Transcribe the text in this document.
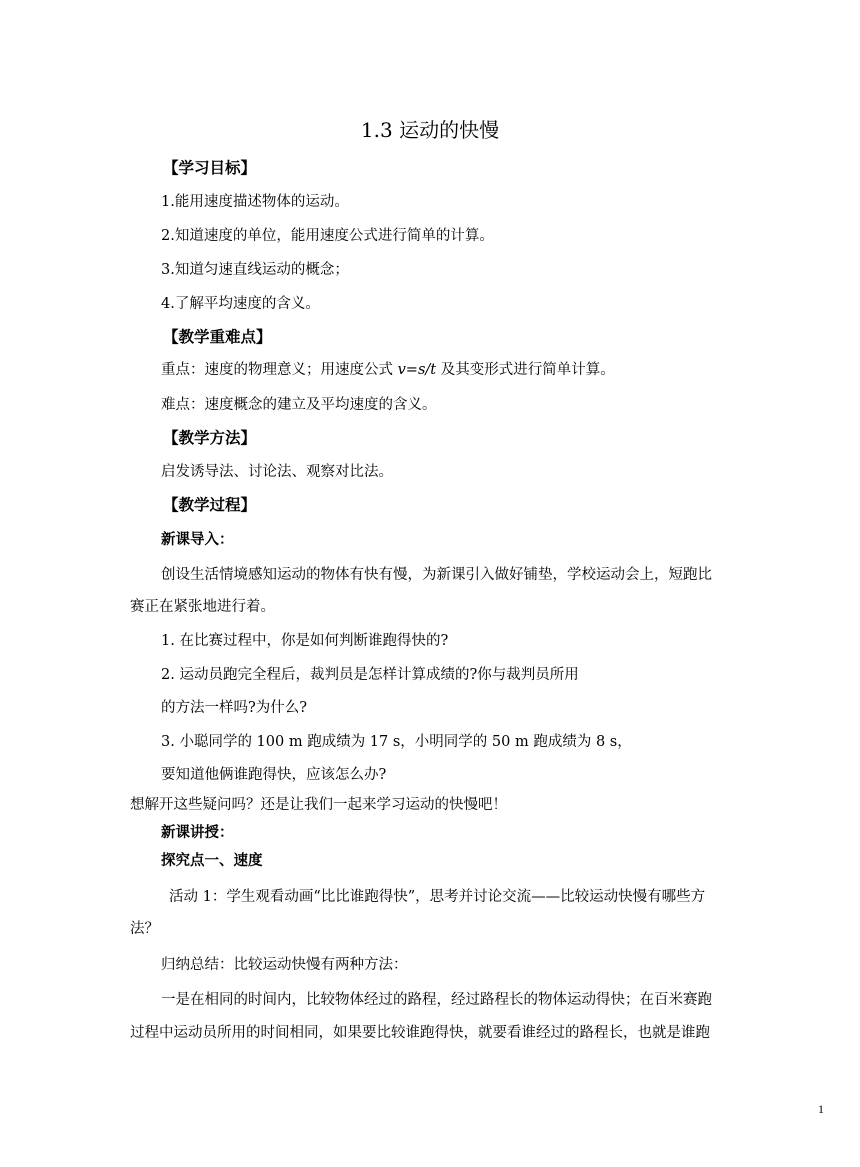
1.3 运动的快慢
【学习目标】
1.能用速度描述物体的运动。
2.知道速度的单位，能用速度公式进行简单的计算。
3.知道匀速直线运动的概念；
4.了解平均速度的含义。
【教学重难点】
重点：速度的物理意义；用速度公式 v=s/t 及其变形式进行简单计算。
难点：速度概念的建立及平均速度的含义。
【教学方法】
启发诱导法、讨论法、观察对比法。
【教学过程】
新课导入：
创设生活情境感知运动的物体有快有慢，为新课引入做好铺垫，学校运动会上，短跑比
赛正在紧张地进行着。
1. 在比赛过程中，你是如何判断谁跑得快的?
2. 运动员跑完全程后，裁判员是怎样计算成绩的?你与裁判员所用
的方法一样吗?为什么?
3. 小聪同学的 100 m 跑成绩为 17 s，小明同学的 50 m 跑成绩为 8 s，
要知道他俩谁跑得快，应该怎么办?
想解开这些疑问吗？还是让我们一起来学习运动的快慢吧！
新课讲授：
探究点一、速度
活动 1：学生观看动画“比比谁跑得快”，思考并讨论交流——比较运动快慢有哪些方
法？
归纳总结：比较运动快慢有两种方法：
一是在相同的时间内，比较物体经过的路程，经过路程长的物体运动得快；在百米赛跑
过程中运动员所用的时间相同，如果要比较谁跑得快，就要看谁经过的路程长，也就是谁跑
1
